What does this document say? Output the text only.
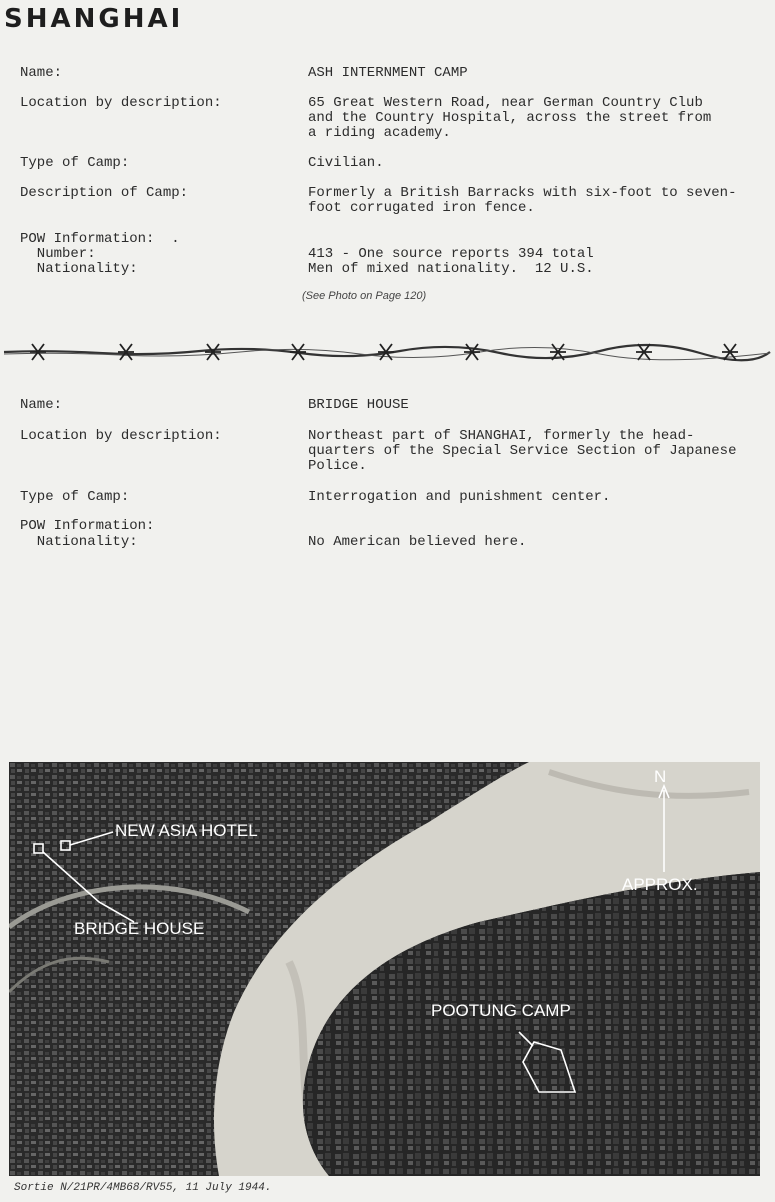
SHANGHAI
Name:	ASH INTERNMENT CAMP
Location by description:	65 Great Western Road, near German Country Club
and the Country Hospital, across the street from
a riding academy.
Type of Camp:	Civilian.
Description of Camp:	Formerly a British Barracks with six-foot to seven-
foot corrugated iron fence.
POW Information:  .
Number:	413 - One source reports 394 total
Nationality:	Men of mixed nationality.  12 U.S.
(See Photo on Page 120)
Name:	BRIDGE HOUSE
Location by description:	Northeast part of SHANGHAI, formerly the head-
quarters of the Special Service Section of Japanese
Police.
Type of Camp:	Interrogation and punishment center.
POW Information:
Nationality:	No American believed here.
NEW ASIA HOTEL
BRIDGE HOUSE
POOTUNG CAMP
N
APPROX.
Sortie N/21PR/4MB68/RV55, 11 July 1944.
